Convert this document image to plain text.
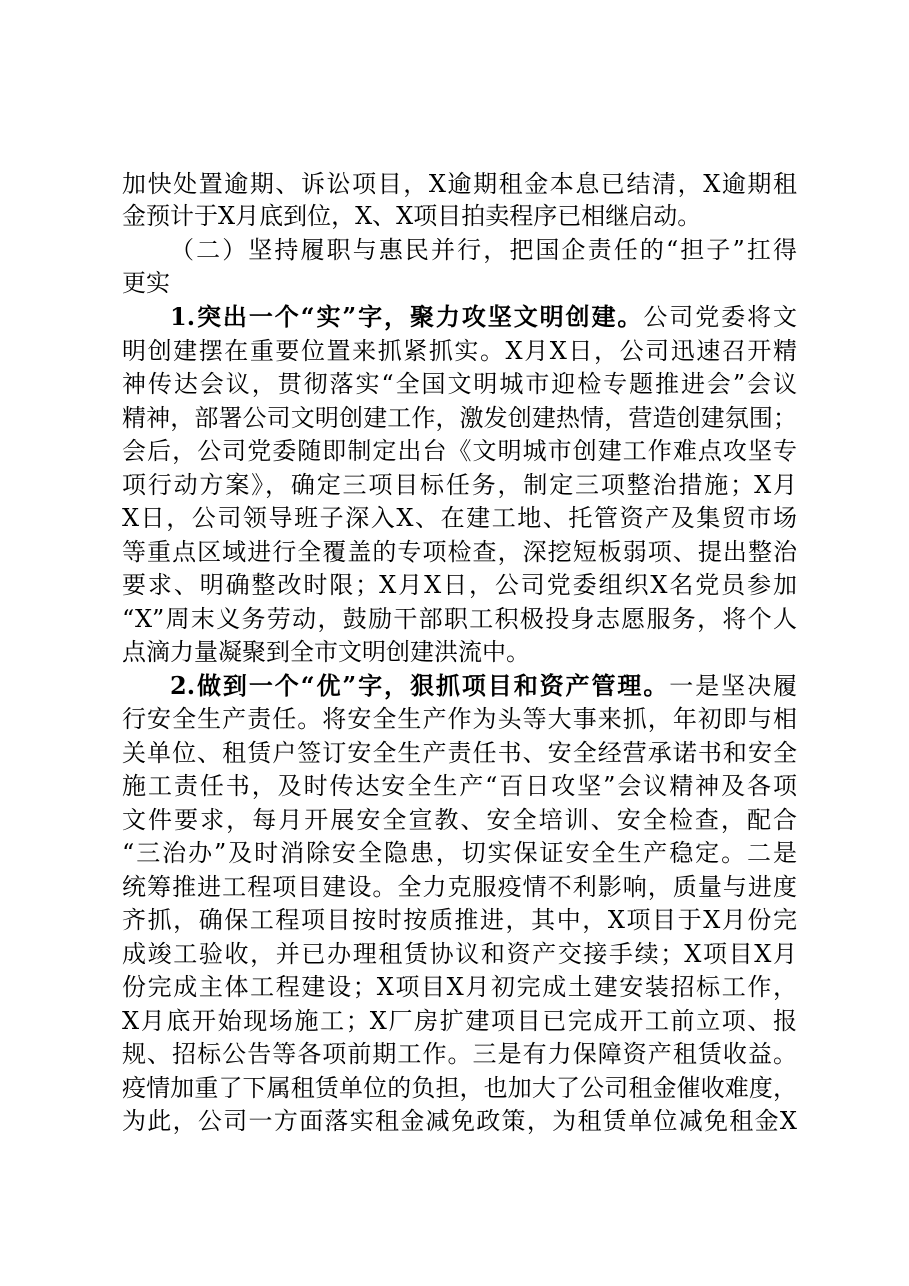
加快处置逾期、诉讼项目，X逾期租金本息已结清，X逾期租
金预计于X月底到位，X、X项目拍卖程序已相继启动。
（二）坚持履职与惠民并行，把国企责任的“担子”扛得
更实
1.突出一个“实”字，聚力攻坚文明创建。公司党委将文
明创建摆在重要位置来抓紧抓实。X月X日，公司迅速召开精
神传达会议，贯彻落实“全国文明城市迎检专题推进会”会议
精神，部署公司文明创建工作，激发创建热情，营造创建氛围；
会后，公司党委随即制定出台《文明城市创建工作难点攻坚专
项行动方案》，确定三项目标任务，制定三项整治措施；X月
X日，公司领导班子深入X、在建工地、托管资产及集贸市场
等重点区域进行全覆盖的专项检查，深挖短板弱项、提出整治
要求、明确整改时限；X月X日，公司党委组织X名党员参加
“X”周末义务劳动，鼓励干部职工积极投身志愿服务，将个人
点滴力量凝聚到全市文明创建洪流中。
2.做到一个“优”字，狠抓项目和资产管理。一是坚决履
行安全生产责任。将安全生产作为头等大事来抓，年初即与相
关单位、租赁户签订安全生产责任书、安全经营承诺书和安全
施工责任书，及时传达安全生产“百日攻坚”会议精神及各项
文件要求，每月开展安全宣教、安全培训、安全检查，配合
“三治办”及时消除安全隐患，切实保证安全生产稳定。二是
统筹推进工程项目建设。全力克服疫情不利影响，质量与进度
齐抓，确保工程项目按时按质推进，其中，X项目于X月份完
成竣工验收，并已办理租赁协议和资产交接手续；X项目X月
份完成主体工程建设；X项目X月初完成土建安装招标工作，
X月底开始现场施工；X厂房扩建项目已完成开工前立项、报
规、招标公告等各项前期工作。三是有力保障资产租赁收益。
疫情加重了下属租赁单位的负担，也加大了公司租金催收难度，
为此，公司一方面落实租金减免政策，为租赁单位减免租金X
